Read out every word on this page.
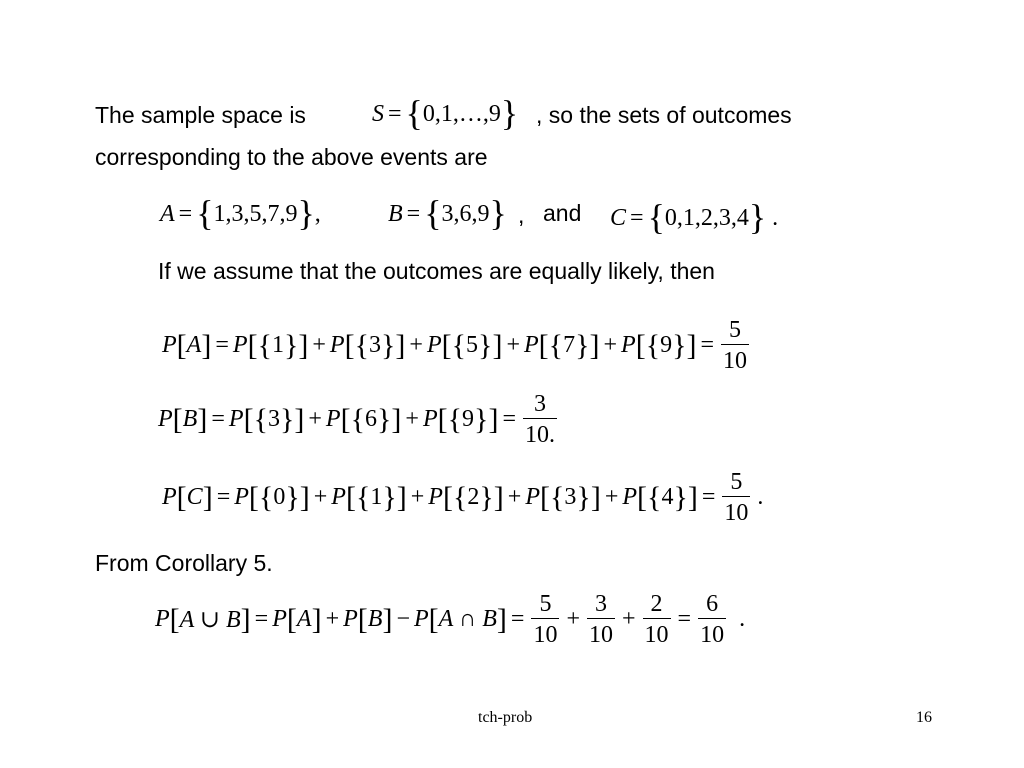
The sample space is	S = { 0,1,…,9 } , so the sets of outcomes
corresponding to the above events are
A = { 1,3,5,7,9 } ,	B = { 3,6,9 } , and C = { 0,1,2,3,4 } .
If we assume that the outcomes are equally likely, then
P [ A ] = P [ { 1 } ] + P [ { 3 } ] + P [ { 5 } ] + P [ { 7 } ] + P [ { 9 } ] = $\frac{5}{10}$
P [ B ] = P [ { 3 } ] + P [ { 6 } ] + P [ { 9 } ] = $\frac{3}{10.}$
P [ C ] = P [ { 0 } ] + P [ { 1 } ] + P [ { 2 } ] + P [ { 3 } ] + P [ { 4 } ] = $\frac{5}{10}$ .
From Corollary 5.
P [ A ∪ B ] = P [ A ] + P [ B ] − P [ A ∩ B ] = $\frac{5}{10} + \frac{3}{10} + \frac{2}{10} = \frac{6}{10}$ .
tch-prob	16
